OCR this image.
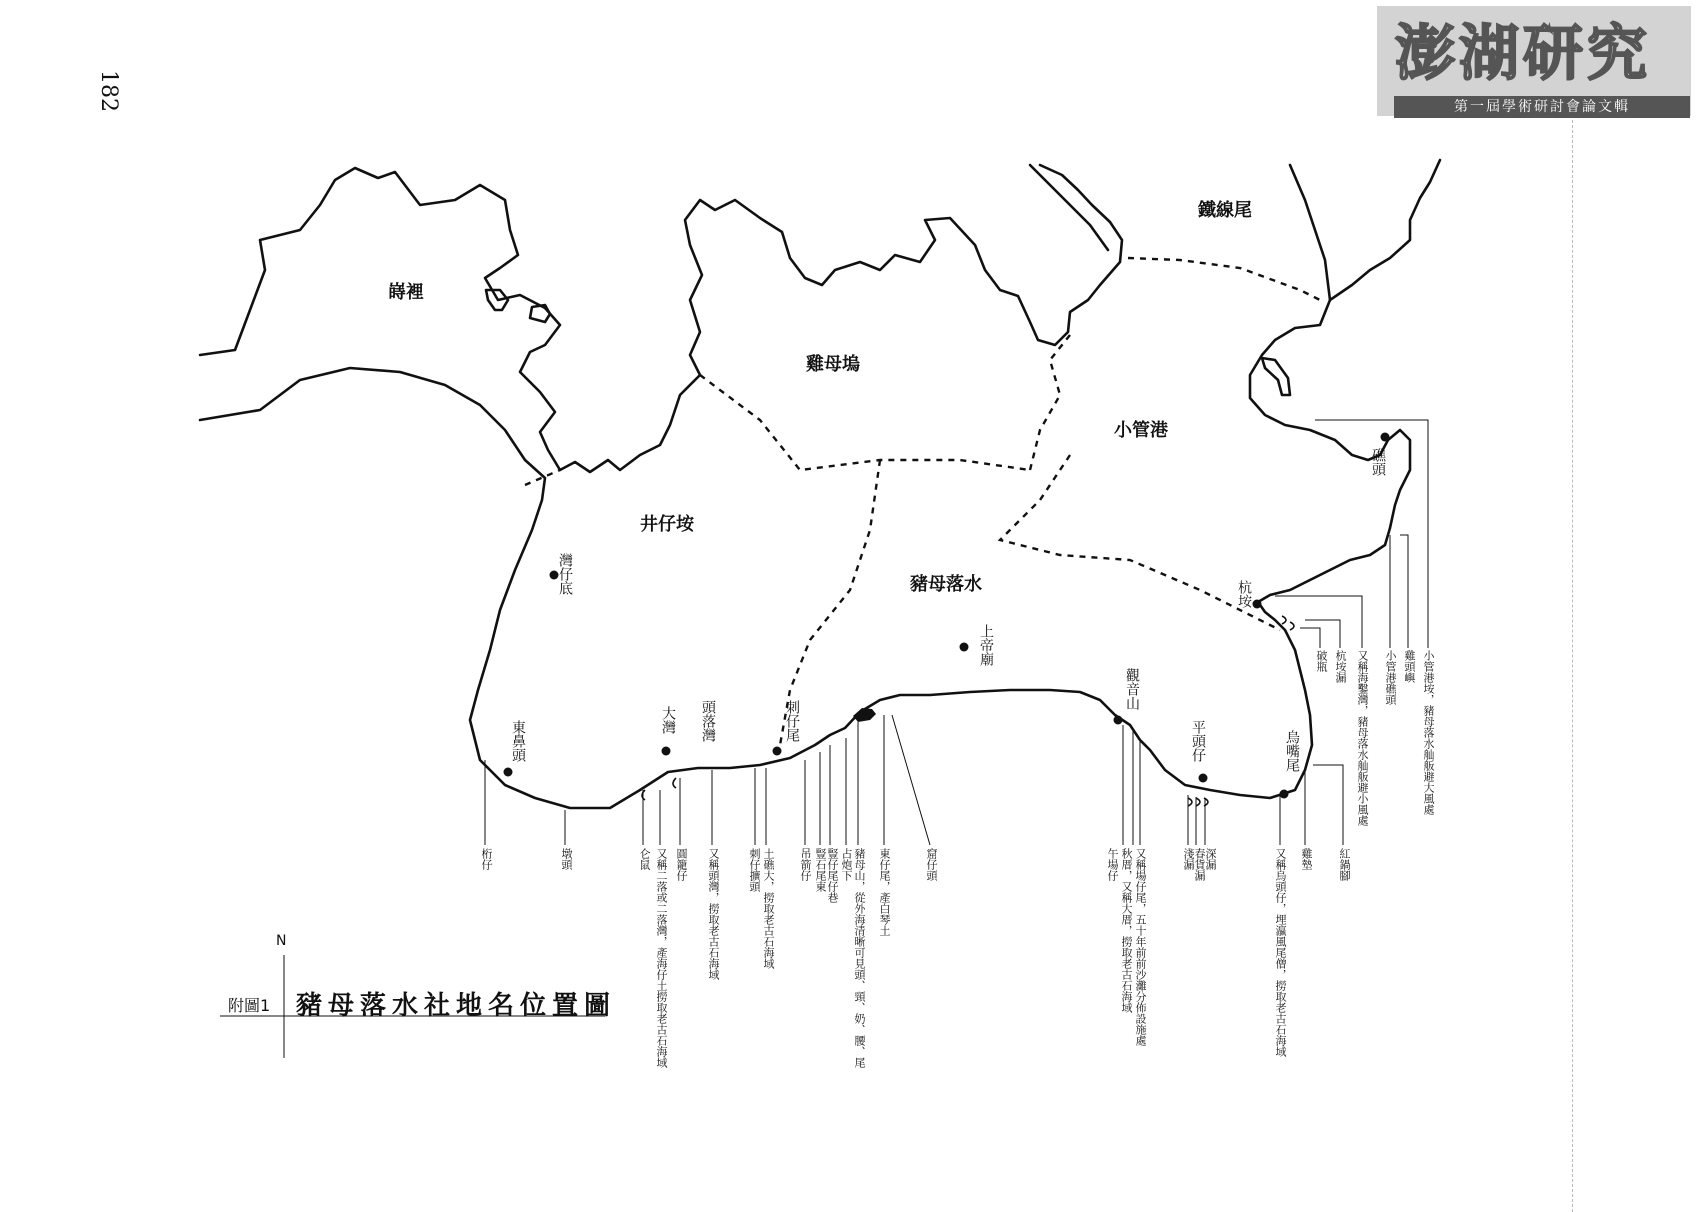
182
澎湖研究
第一屆學術研討會論文輯
嵵裡
雞母塢
鐵線尾
小管港
井仔垵
豬母落水
灣仔底
上帝廟
東鼻頭	大灣 頭落灣	刺仔尾
觀音山
平頭仔	烏嘴尾
杭垵
礁頭
桁仔	墩頭	仑鼠 又稱二落或二落灣，產海仔土撈取老古石海域 圓籠仔 又稱頭灣，撈取老古石海域	刺仔擴頭 土礁大，撈取老古石海域 吊箭仔 豎石尾東 豎仔尾仔巷 占炮下 豬母山，從外海清晰可見頭、頸、奶、腰、尾 東仔尾，產白琴土	窟仔頭	午場仔 秋厝，又稱大厝，撈取老古石海域 又稱場仔尾，五十年前前沙灘分佈設施處	淺漏
春貨漏
深漏	又稱烏頭仔，埋瀛風尾僧，撈取老古石海域 雞墊 紅鍋腳
破瓶 杭垵漏 又稱海鑿灣，豬母落水舢舨避小風處 小管港礁頭 雞頭嶼 小管港垵，豬母落水舢舨避大風處
N
附圖1 豬母落水社地名位置圖
